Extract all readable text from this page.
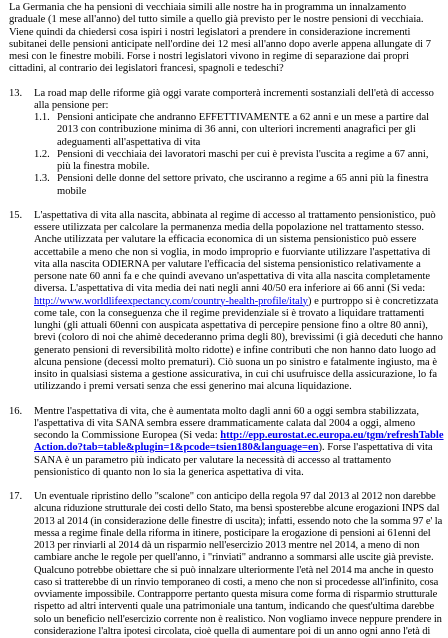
La Germania che ha pensioni di vecchiaia simili alle nostre ha in programma un innalzamento graduale (1 mese all'anno) del tutto simile a quello già previsto per le nostre pensioni di vecchiaia.

Viene quindi da chiedersi cosa ispiri i nostri legislatori a prendere in considerazione incrementi subitanei delle pensioni anticipate nell'ordine dei 12 mesi all'anno dopo averle appena allungate di 7 mesi con le finestre mobili. Forse i nostri legislatori vivono in regime di separazione dai propri cittadini, al contrario dei legislatori francesi, spagnoli e tedeschi?

13.	La road map delle riforme già oggi varate comporterà incrementi sostanziali dell'età di accesso alla pensione per:

1.1. Pensioni anticipate che andranno EFFETTIVAMENTE a 62 anni e un mese a partire dal 2013 con contribuzione minima di 36 anni, con ulteriori incrementi anagrafici per gli adeguamenti all'aspettativa di vita
1.2. Pensioni di vecchiaia dei lavoratori maschi per cui è prevista l'uscita a regime a 67 anni, più la finestra mobile.
1.3. Pensioni delle donne del settore privato, che usciranno a regime a 65 anni più la finestra mobile
15.	L'aspettativa di vita alla nascita, abbinata al regime di accesso al trattamento pensionistico, può essere utilizzata per calcolare la permanenza media della popolazione nel trattamento stesso. Anche utilizzata per valutare la efficacia economica di un sistema pensionistico può essere accettabile a meno che non si voglia, in modo improprio e fuorviante utilizzare l'aspettativa di vita alla nascita ODIERNA per valutare l'efficacia del sistema pensionistico relativamente a persone nate 60 anni fa e che quindi avevano un'aspettativa di vita alla nascita completamente diversa. L'aspettativa di vita media dei nati negli anni 40/50 era inferiore ai 66 anni (Si veda: http://www.worldlifeexpectancy.com/country-health-profile/italy) e purtroppo si è concretizzata come tale, con la conseguenza che il regime previdenziale si è trovato a liquidare trattamenti lunghi (gli attuali 60enni con auspicata aspettativa di percepire pensione fino a oltre 80 anni), brevi (coloro di noi che ahimè decederanno prima degli 80), brevissimi (i già deceduti che hanno generato pensioni di reversibilità molto ridotte) e infine contributi che non hanno dato luogo ad alcuna pensione (decessi molto prematuri). Ciò suona un po sinistro e fatalmente ingiusto, ma è insito in qualsiasi sistema a gestione assicurativa, in cui chi usufruisce della assicurazione, lo fa utilizzando i premi versati senza che essi generino mai alcuna liquidazione.

16.	Mentre l'aspettativa di vita, che è aumentata molto dagli anni 60 a oggi sembra stabilizzata, l'aspettativa di vita SANA sembra essere drammaticamente calata dal 2004 a oggi, almeno secondo la Commissione Europea (Si veda: http://epp.eurostat.ec.europa.eu/tgm/refreshTableAction.do?tab=table&plugin=1&pcode=tsien180&language=en). Forse l'aspettativa di vita SANA è un parametro più indicato per valutare la necessità di accesso al trattamento pensionistico di quanto non lo sia la generica aspettativa di vita.

17.	Un eventuale ripristino dello "scalone" con anticipo della regola 97 dal 2013 al 2012 non darebbe alcuna riduzione strutturale dei costi dello Stato, ma bensì sposterebbe alcune erogazioni INPS dal 2013 al 2014 (in considerazione delle finestre di uscita); infatti, essendo noto che la somma 97 e' la messa a regime finale della riforma in itinere, posticipare la erogazione di pensioni ai 61enni del 2013 per rinviarli al 2014 dà un risparmio nell'esercizio 2013 mentre nel 2014, a meno di non cambiare anche le regole per quell'anno, i "rinviati" andranno a sommarsi alle uscite già previste. Qualcuno potrebbe obiettare che si può innalzare ulteriormente l'età nel 2014 ma anche in questo caso si tratterebbe di un rinvio temporaneo di costi, a meno che non si procedesse all'infinito, cosa ovviamente impossibile. Contrapporre pertanto questa misura come forma di risparmio strutturale rispetto ad altri interventi quale una patrimoniale una tantum, indicando che quest'ultima darebbe solo un beneficio nell'esercizio corrente non è realistico. Non vogliamo invece neppure prendere in considerazione l'altra ipotesi circolata, cioè quella di aumentare poi di un anno ogni anno l'età di
